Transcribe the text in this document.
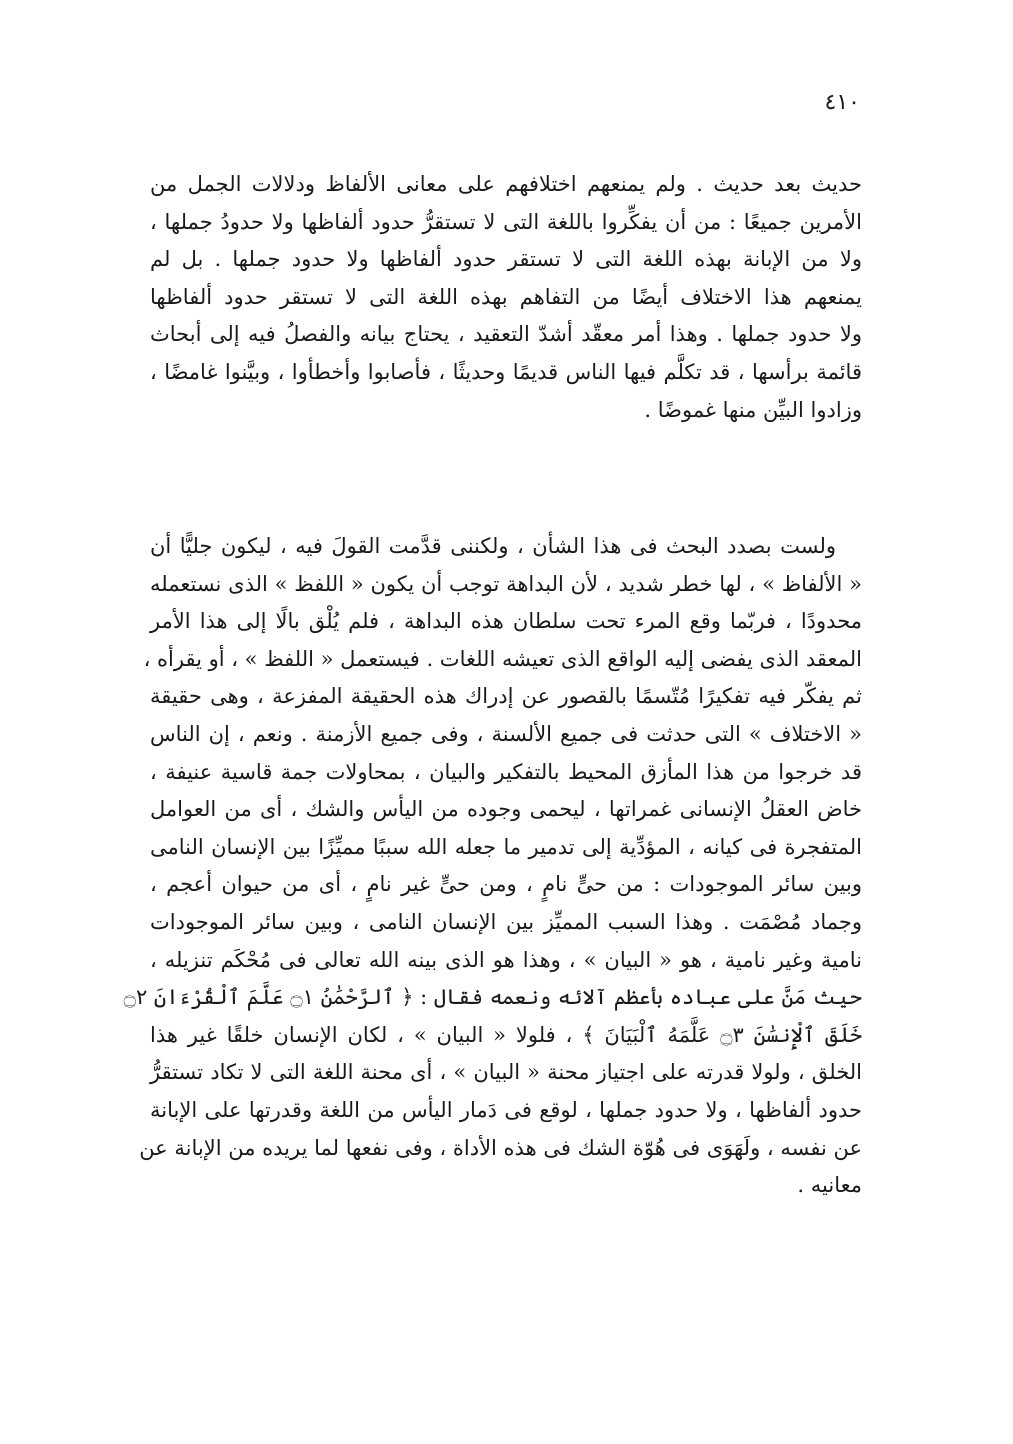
٤١٠
حديث بعد حديث . ولم يمنعهم اختلافهم على معانى الألفاظ ودلالات الجمل من
الأمرين جميعًا : من أن يفكِّروا باللغة التى لا تستقرُّ حدود ألفاظها ولا حدودُ جملها ،
ولا من الإبانة بهذه اللغة التى لا تستقر حدود ألفاظها ولا حدود جملها . بل لم
يمنعهم هذا الاختلاف أيضًا من التفاهم بهذه اللغة التى لا تستقر حدود ألفاظها
ولا حدود جملها . وهذا أمر معقّد أشدّ التعقيد ، يحتاج بيانه والفصلُ فيه إلى أبحاث
قائمة برأسها ، قد تكلَّم فيها الناس قديمًا وحديثًا ، فأصابوا وأخطأوا ، وبيَّنوا غامضًا ،
وزادوا البيِّن منها غموضًا .
ولست بصدد البحث فى هذا الشأن ، ولكننى قدَّمت القولَ فيه ، ليكون جليًّا أن
« الألفاظ » ، لها خطر شديد ، لأن البداهة توجب أن يكون « اللفظ » الذى نستعمله
محدودًا ، فربّما وقع المرء تحت سلطان هذه البداهة ، فلم يُلْق بالًا إلى هذا الأمر
المعقد الذى يفضى إليه الواقع الذى تعيشه اللغات . فيستعمل « اللفظ » ، أو يقرأه ،
ثم يفكّر فيه تفكيرًا مُتّسمًا بالقصور عن إدراك هذه الحقيقة المفزعة ، وهى حقيقة
« الاختلاف » التى حدثت فى جميع الألسنة ، وفى جميع الأزمنة . ونعم ، إن الناس
قد خرجوا من هذا المأزق المحيط بالتفكير والبيان ، بمحاولات جمة قاسية عنيفة ،
خاض العقلُ الإنسانى غمراتها ، ليحمى وجوده من اليأس والشك ، أى من العوامل
المتفجرة فى كيانه ، المؤدِّية إلى تدمير ما جعله الله سببًا مميِّزًا بين الإنسان النامى
وبين سائر الموجودات : من حىٍّ نامٍ ، ومن حىٍّ غير نامٍ ، أى من حيوان أعجم ،
وجماد مُصْمَت . وهذا السبب المميِّز بين الإنسان النامى ، وبين سائر الموجودات
نامية وغير نامية ، هو « البيان » ، وهذا هو الذى بينه الله تعالى فى مُحْكَم تنزيله ،
حيث مَنَّ على عباده بأعظم آلائه ونعمه فقال : ﴿ ٱلرَّحْمَٰنُ ۝١ عَلَّمَ ٱلْقُرْءَانَ ۝٢
خَلَقَ ٱلْإِنسَٰنَ ۝٣ عَلَّمَهُ ٱلْبَيَانَ ﴾ ، فلولا « البيان » ، لكان الإنسان خلقًا غير هذا
الخلق ، ولولا قدرته على اجتياز محنة « البيان » ، أى محنة اللغة التى لا تكاد تستقرُّ
حدود ألفاظها ، ولا حدود جملها ، لوقع فى دَمار اليأس من اللغة وقدرتها على الإبانة
عن نفسه ، ولَهَوَى فى هُوّة الشك فى هذه الأداة ، وفى نفعها لما يريده من الإبانة عن
معانيه .
